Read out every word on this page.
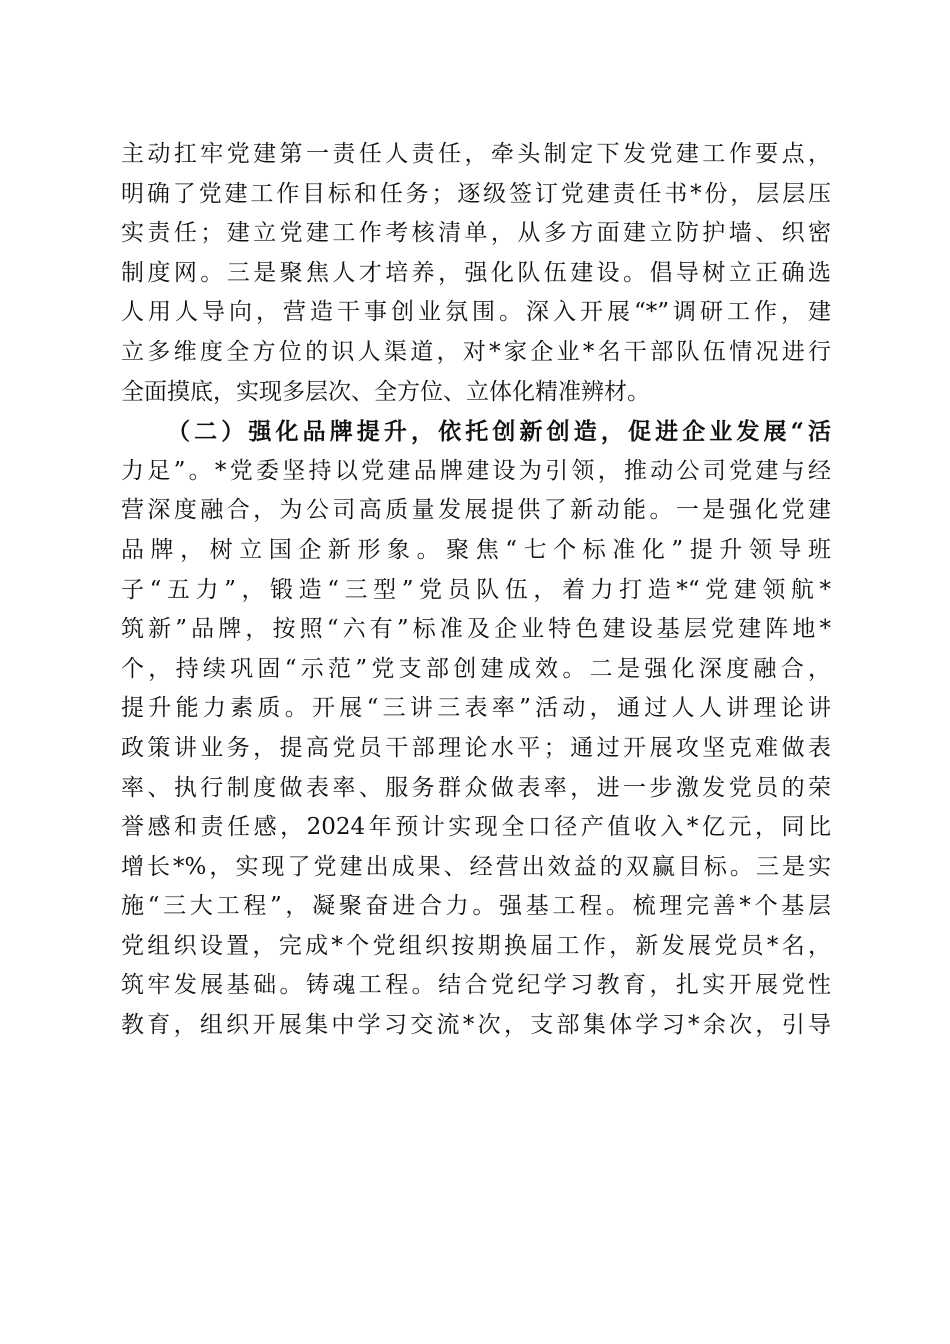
主动扛牢党建第一责任人责任，牵头制定下发党建工作要点，
明确了党建工作目标和任务；逐级签订党建责任书*份，层层压
实责任；建立党建工作考核清单，从多方面建立防护墙、织密
制度网。三是聚焦人才培养，强化队伍建设。倡导树立正确选
人用人导向，营造干事创业氛围。深入开展“*”调研工作，建
立多维度全方位的识人渠道，对*家企业*名干部队伍情况进行
全面摸底，实现多层次、全方位、立体化精准辨材。
（二）强化品牌提升，依托创新创造，促进企业发展“活
力足”。*党委坚持以党建品牌建设为引领，推动公司党建与经
营深度融合，为公司高质量发展提供了新动能。一是强化党建
品牌，树立国企新形象。聚焦“七个标准化”提升领导班
子“五力”，锻造“三型”党员队伍，着力打造*“党建领航*
筑新”品牌，按照“六有”标准及企业特色建设基层党建阵地*
个，持续巩固“示范”党支部创建成效。二是强化深度融合，
提升能力素质。开展“三讲三表率”活动，通过人人讲理论讲
政策讲业务，提高党员干部理论水平；通过开展攻坚克难做表
率、执行制度做表率、服务群众做表率，进一步激发党员的荣
誉感和责任感，2024年预计实现全口径产值收入*亿元，同比
增长*%，实现了党建出成果、经营出效益的双赢目标。三是实
施“三大工程”，凝聚奋进合力。强基工程。梳理完善*个基层
党组织设置，完成*个党组织按期换届工作，新发展党员*名，
筑牢发展基础。铸魂工程。结合党纪学习教育，扎实开展党性
教育，组织开展集中学习交流*次，支部集体学习*余次，引导
